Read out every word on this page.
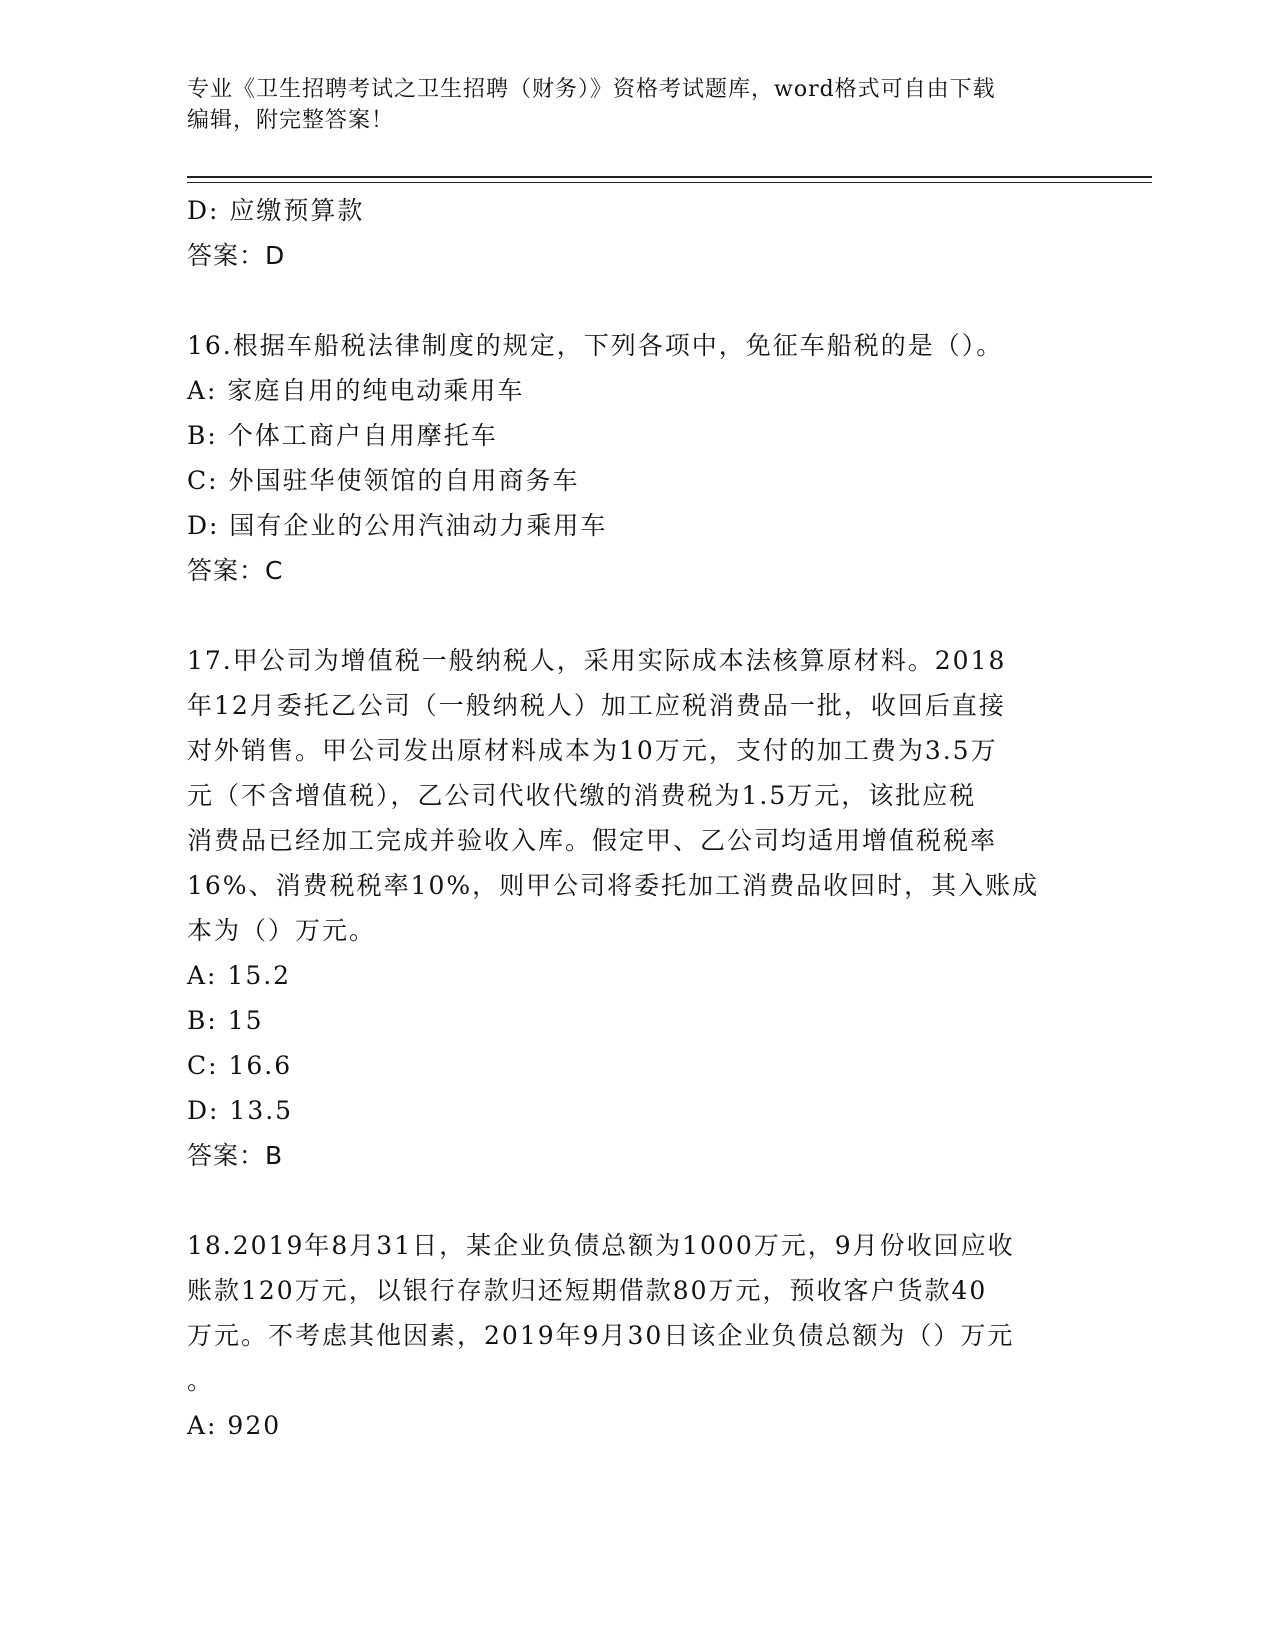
专业《卫生招聘考试之卫生招聘（财务）》资格考试题库，word格式可自由下载
编辑，附完整答案！
D: 应缴预算款
答案：D
16.根据车船税法律制度的规定，下列各项中，免征车船税的是（）。
A: 家庭自用的纯电动乘用车
B: 个体工商户自用摩托车
C: 外国驻华使领馆的自用商务车
D: 国有企业的公用汽油动力乘用车
答案：C
17.甲公司为增值税一般纳税人，采用实际成本法核算原材料。2018
年12月委托乙公司（一般纳税人）加工应税消费品一批，收回后直接
对外销售。甲公司发出原材料成本为10万元，支付的加工费为3.5万
元（不含增值税），乙公司代收代缴的消费税为1.5万元，该批应税
消费品已经加工完成并验收入库。假定甲、乙公司均适用增值税税率
16%、消费税税率10%，则甲公司将委托加工消费品收回时，其入账成
本为（）万元。
A: 15.2
B: 15
C: 16.6
D: 13.5
答案：B
18.2019年8月31日，某企业负债总额为1000万元，9月份收回应收
账款120万元，以银行存款归还短期借款80万元，预收客户货款40
万元。不考虑其他因素，2019年9月30日该企业负债总额为（）万元
。
A: 920
